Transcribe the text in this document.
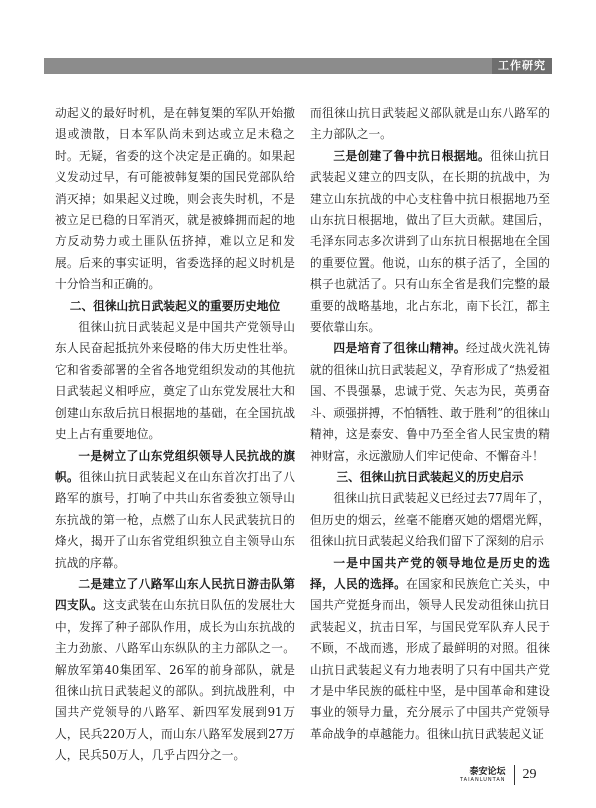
工作研究

动起义的最好时机，是在韩复榘的军队开始撤退或溃散，日本军队尚未到达或立足未稳之时。无疑，省委的这个决定是正确的。如果起义发动过早，有可能被韩复榘的国民党部队给消灭掉；如果起义过晚，则会丧失时机，不是被立足已稳的日军消灭，就是被蜂拥而起的地方反动势力或土匪队伍挤掉，难以立足和发展。后来的事实证明，省委选择的起义时机是十分恰当和正确的。

二、徂徕山抗日武装起义的重要历史地位

徂徕山抗日武装起义是中国共产党领导山东人民奋起抵抗外来侵略的伟大历史性壮举。它和省委部署的全省各地党组织发动的其他抗日武装起义相呼应，奠定了山东党发展壮大和创建山东敌后抗日根据地的基础，在全国抗战史上占有重要地位。

一是树立了山东党组织领导人民抗战的旗帜。徂徕山抗日武装起义在山东首次打出了八路军的旗号，打响了中共山东省委独立领导山东抗战的第一枪，点燃了山东人民武装抗日的烽火，揭开了山东省党组织独立自主领导山东抗战的序幕。

二是建立了八路军山东人民抗日游击队第四支队。这支武装在山东抗日队伍的发展壮大中，发挥了种子部队作用，成长为山东抗战的主力劲旅、八路军山东纵队的主力部队之一。解放军第40集团军、26军的前身部队，就是徂徕山抗日武装起义的部队。到抗战胜利，中国共产党领导的八路军、新四军发展到91万人，民兵220万人，而山东八路军发展到27万人，民兵50万人，几乎占四分之一。

而徂徕山抗日武装起义部队就是山东八路军的主力部队之一。

三是创建了鲁中抗日根据地。徂徕山抗日武装起义建立的四支队，在长期的抗战中，为建立山东抗战的中心支柱鲁中抗日根据地乃至山东抗日根据地，做出了巨大贡献。建国后，毛泽东同志多次讲到了山东抗日根据地在全国的重要位置。他说，山东的棋子活了，全国的棋子也就活了。只有山东全省是我们完整的最重要的战略基地，北占东北，南下长江，都主要依靠山东。

四是培育了徂徕山精神。经过战火洗礼铸就的徂徕山抗日武装起义，孕育形成了“热爱祖国、不畏强暴，忠诚于党、矢志为民，英勇奋斗、顽强拼搏，不怕牺牲、敢于胜利”的徂徕山精神，这是泰安、鲁中乃至全省人民宝贵的精神财富，永远激励人们牢记使命、不懈奋斗！

三、徂徕山抗日武装起义的历史启示

徂徕山抗日武装起义已经过去77周年了，但历史的烟云，丝毫不能磨灭她的熠熠光辉，徂徕山抗日武装起义给我们留下了深刻的启示

一是中国共产党的领导地位是历史的选择，人民的选择。在国家和民族危亡关头，中国共产党挺身而出，领导人民发动徂徕山抗日武装起义，抗击日军，与国民党军队弃人民于不顾，不战而逃，形成了最鲜明的对照。徂徕山抗日武装起义有力地表明了只有中国共产党才是中华民族的砥柱中坚，是中国革命和建设事业的领导力量，充分展示了中国共产党领导革命战争的卓越能力。徂徕山抗日武装起义证

泰安论坛
TAIANLUNTAN 29
